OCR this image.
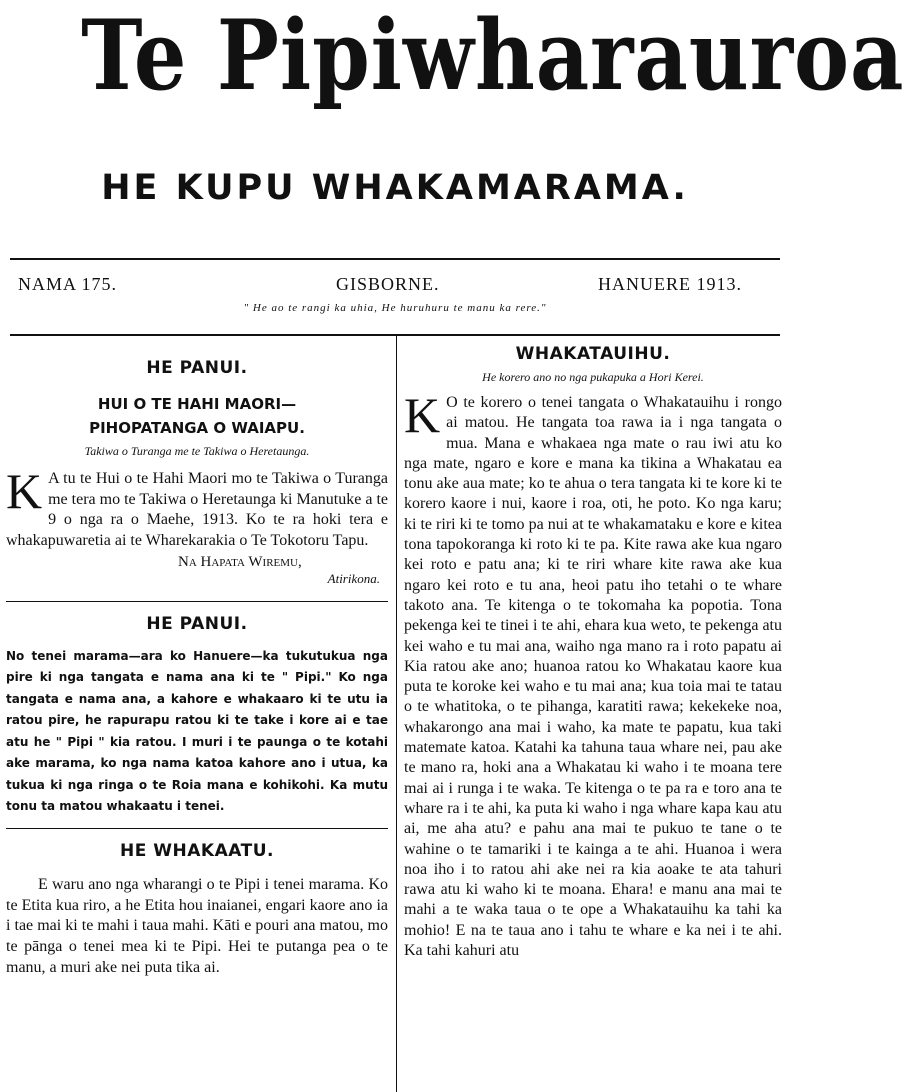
Te Pipiwharauroa
HE KUPU WHAKAMARAMA.
NAMA 175.	GISBORNE.	HANUERE 1913.
" He ao te rangi ka uhia, He huruhuru te manu ka rere."
HE PANUI.
HUI O TE HAHI MAORI—PIHOPATANGA O WAIAPU.
Takiwa o Turanga me te Takiwa o Heretaunga.
K A tu te Hui o te Hahi Maori mo te Takiwa o Turanga me tera mo te Takiwa o Heretaunga ki Manutuke a te 9 o nga ra o Maehe, 1913. Ko te ra hoki tera e whakapuwaretia ai te Wharekarakia o Te Tokotoru Tapu.
Na Hapata Wiremu,
Atirikona.
HE PANUI.
No tenei marama—ara ko Hanuere—ka tukutukua nga pire ki nga tangata e nama ana ki te " Pipi." Ko nga tangata e nama ana, a kahore e whakaaro ki te utu ia ratou pire, he rapurapu ratou ki te take i kore ai e tae atu he " Pipi " kia ratou. I muri i te paunga o te kotahi ake marama, ko nga nama katoa kahore ano i utua, ka tukua ki nga ringa o te Roia mana e kohikohi. Ka mutu tonu ta matou whakaatu i tenei.
HE WHAKAATU.
E waru ano nga wharangi o te Pipi i tenei marama. Ko te Etita kua riro, a he Etita hou inaianei, engari kaore ano ia i tae mai ki te mahi i taua mahi. Kāti e pouri ana matou, mo te pānga o tenei mea ki te Pipi. Hei te putanga pea o te manu, a muri ake nei puta tika ai.
WHAKATAUIHU.
He korero ano no nga pukapuka a Hori Kerei.
K O te korero o tenei tangata o Whakatauihu i rongo ai matou. He tangata toa rawa ia i nga tangata o mua. Mana e whakaea nga mate o rau iwi atu ko nga mate, ngaro e kore e mana ka tikina a Whakatau ea tonu ake aua mate; ko te ahua o tera tangata ki te kore ki te korero kaore i nui, kaore i roa, oti, he poto. Ko nga karu; ki te riri ki te tomo pa nui at te whakamataku e kore e kitea tona tapokoranga ki roto ki te pa. Kite rawa ake kua ngaro kei roto e patu ana; ki te riri whare kite rawa ake kua ngaro kei roto e tu ana, heoi patu iho tetahi o te whare takoto ana. Te kitenga o te tokomaha ka popotia. Tona pekenga kei te tinei i te ahi, ehara kua weto, te pekenga atu kei waho e tu mai ana, waiho nga mano ra i roto papatu ai Kia ratou ake ano; huanoa ratou ko Whakatau kaore kua puta te koroke kei waho e tu mai ana; kua toia mai te tatau o te whatitoka, o te pihanga, karatiti rawa; kekekeke noa, whakarongo ana mai i waho, ka mate te papatu, kua taki matemate katoa. Katahi ka tahuna taua whare nei, pau ake te mano ra, hoki ana a Whakatau ki waho i te moana tere mai ai i runga i te waka. Te kitenga o te pa ra e toro ana te whare ra i te ahi, ka puta ki waho i nga whare kapa kau atu ai, me aha atu? e pahu ana mai te pukuo te tane o te wahine o te tamariki i te kainga a te ahi. Huanoa i wera noa iho i to ratou ahi ake nei ra kia aoake te ata tahuri rawa atu ki waho ki te moana. Ehara! e manu ana mai te mahi a te waka taua o te ope a Whakatauihu ka tahi ka mohio! E na te taua ano i tahu te whare e ka nei i te ahi. Ka tahi kahuri atu
